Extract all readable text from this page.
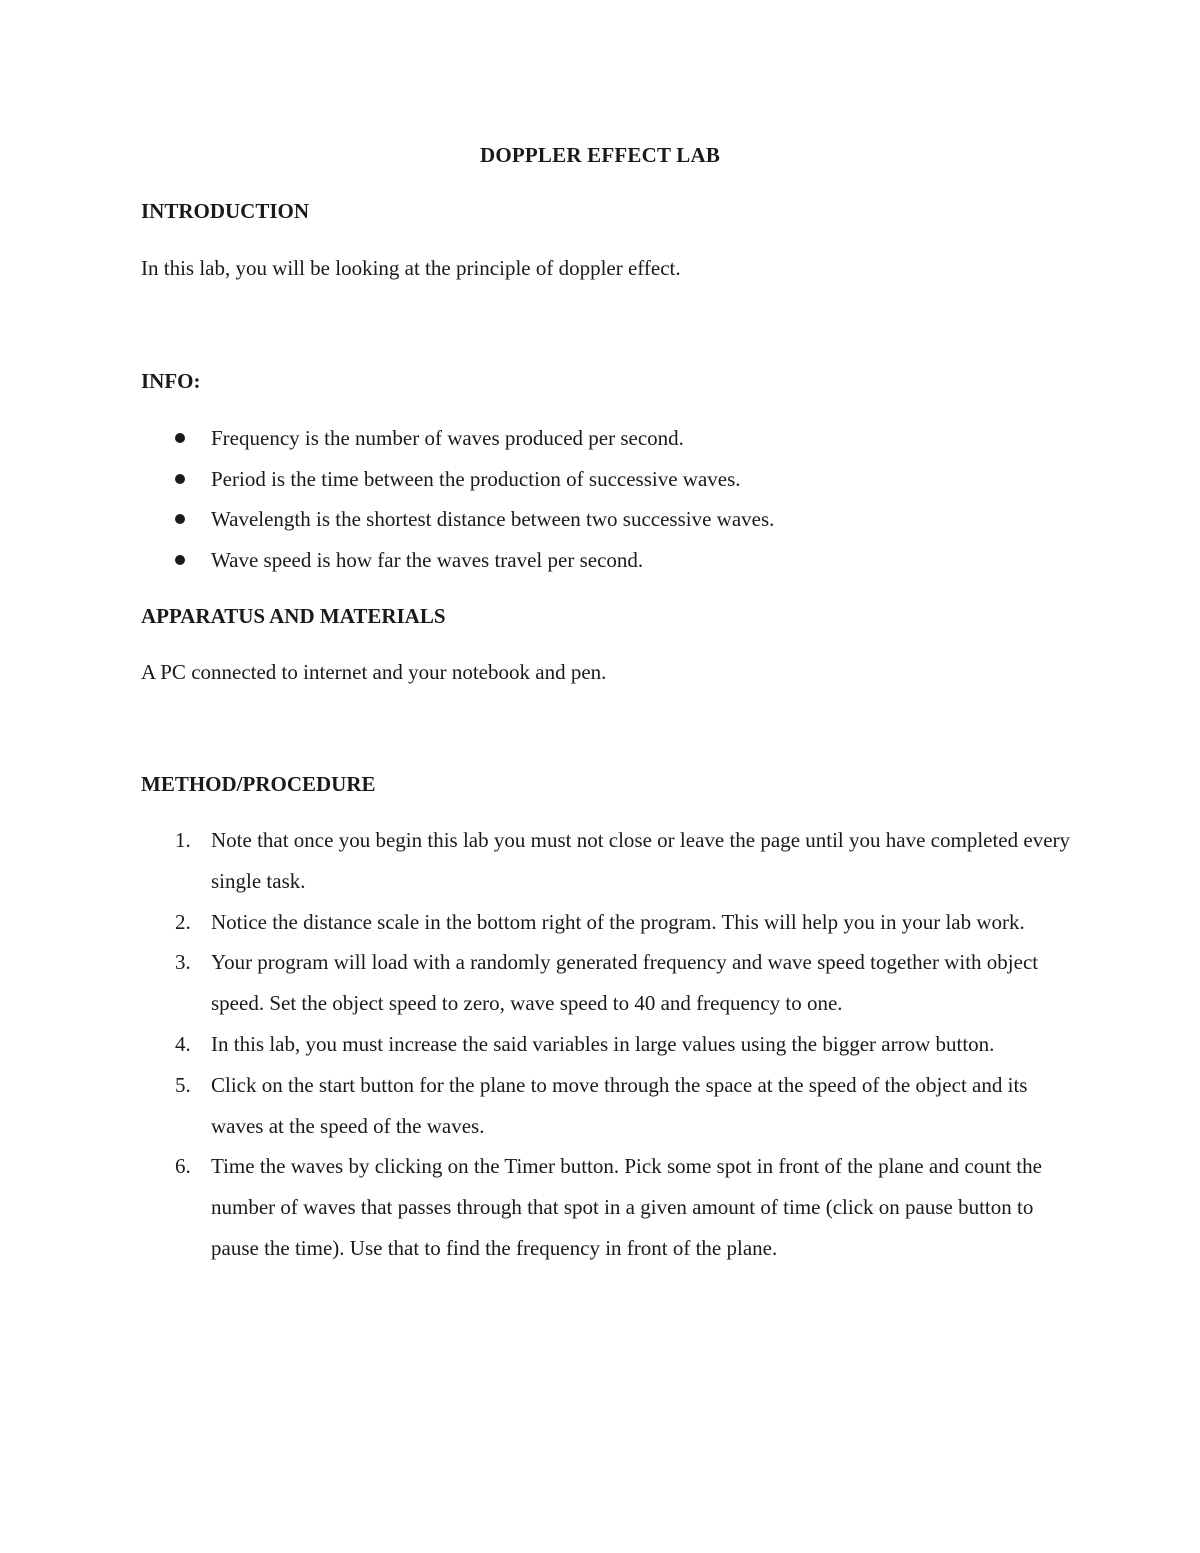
DOPPLER EFFECT LAB
INTRODUCTION
In this lab, you will be looking at the principle of doppler effect.
INFO:
Frequency is the number of waves produced per second.
Period is the time between the production of successive waves.
Wavelength is the shortest distance between two successive waves.
Wave speed is how far the waves travel per second.
APPARATUS AND MATERIALS
A PC connected to internet and your notebook and pen.
METHOD/PROCEDURE
1. Note that once you begin this lab you must not close or leave the page until you have completed every single task.
2. Notice the distance scale in the bottom right of the program. This will help you in your lab work.
3. Your program will load with a randomly generated frequency and wave speed together with object speed. Set the object speed to zero, wave speed to 40 and frequency to one.
4. In this lab, you must increase the said variables in large values using the bigger arrow button.
5. Click on the start button for the plane to move through the space at the speed of the object and its waves at the speed of the waves.
6. Time the waves by clicking on the Timer button. Pick some spot in front of the plane and count the number of waves that passes through that spot in a given amount of time (click on pause button to pause the time). Use that to find the frequency in front of the plane.
